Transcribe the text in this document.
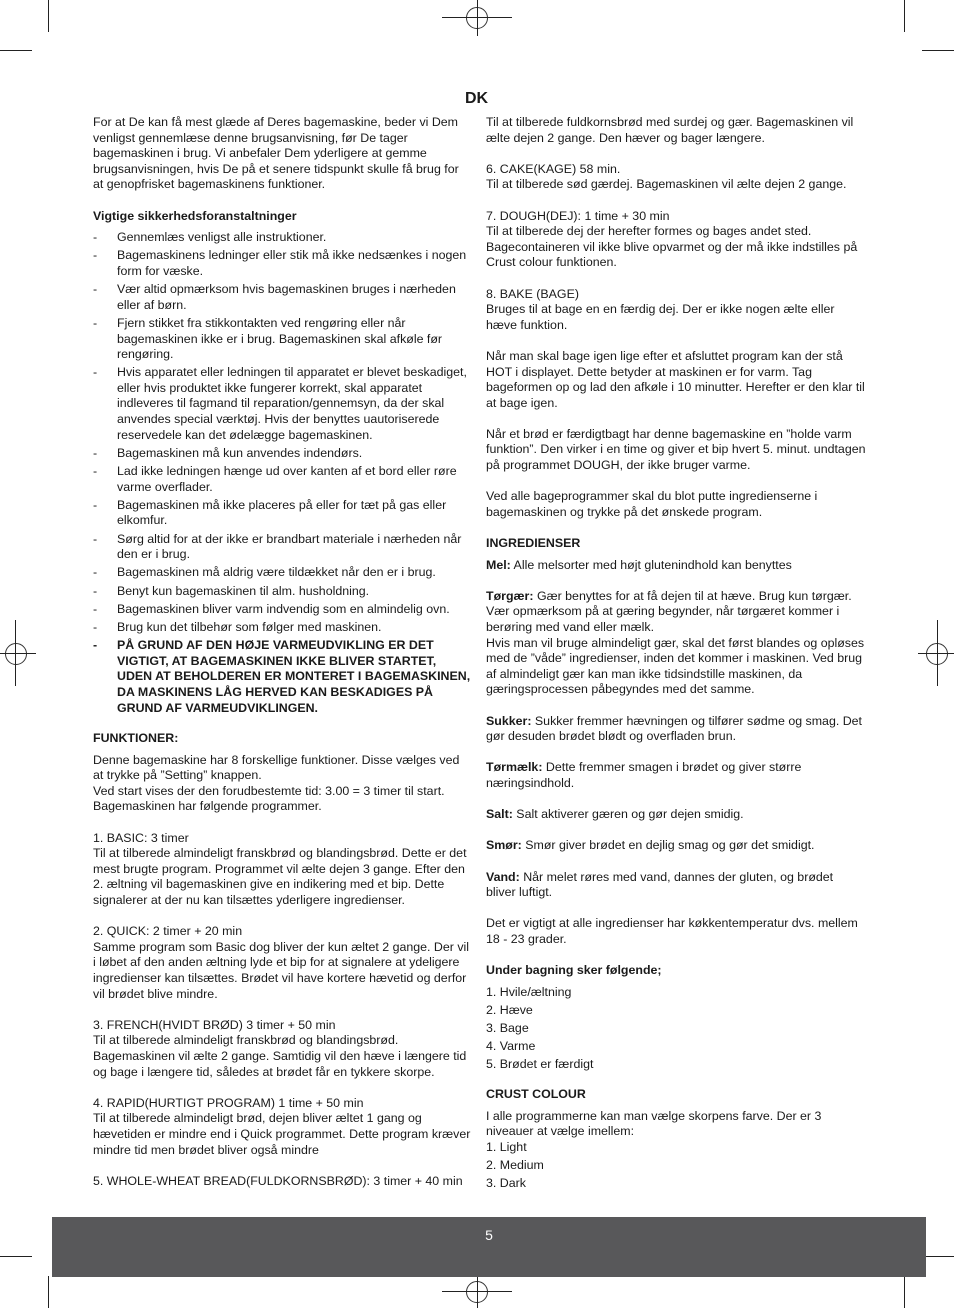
DK

For at De kan få mest glæde af Deres bagemaskine, beder vi Dem venligst gennemlæse denne brugsanvisning, før De tager bagemaskinen i brug. Vi anbefaler Dem yderligere at gemme brugsanvisningen, hvis De på et senere tidspunkt skulle få brug for at genopfrisket bagemaskinens funktioner.

Vigtige sikkerhedsforanstaltninger

- Gennemlæs venligst alle instruktioner.
- Bagemaskinens ledninger eller stik må ikke nedsænkes i nogen form for væske.
- Vær altid opmærksom hvis bagemaskinen bruges i nærheden eller af børn.
- Fjern stikket fra stikkontakten ved rengøring eller når bagemaskinen ikke er i brug. Bagemaskinen skal afkøle før rengøring.
- Hvis apparatet eller ledningen til apparatet er blevet beskadiget, eller hvis produktet ikke fungerer korrekt, skal apparatet indleveres til fagmand til reparation/gennemsyn, da der skal anvendes special værktøj. Hvis der benyttes uautoriserede reservedele kan det ødelægge bagemaskinen.
- Bagemaskinen må kun anvendes indendørs.
- Lad ikke ledningen hænge ud over kanten af et bord eller røre varme overflader.
- Bagemaskinen må ikke placeres på eller for tæt på gas eller elkomfur.
- Sørg altid for at der ikke er brandbart materiale i nærheden når den er i brug.
- Bagemaskinen må aldrig være tildækket når den er i brug.
- Benyt kun bagemaskinen til alm. husholdning.
- Bagemaskinen bliver varm indvendig som en almindelig ovn.
- Brug kun det tilbehør som følger med maskinen.
- PÅ GRUND AF DEN HØJE VARMEUDVIKLING ER DET VIGTIGT, AT BAGEMASKINEN IKKE BLIVER STARTET, UDEN AT BEHOLDEREN ER MONTERET I BAGEMASKINEN, DA MASKINENS LÅG HERVED KAN BESKADIGES PÅ GRUND AF VARMEUDVIKLINGEN.

FUNKTIONER:

Denne bagemaskine har 8 forskellige funktioner. Disse vælges ved at trykke på ”Setting” knappen.
Ved start vises der den forudbestemte tid: 3.00 = 3 timer til start. Bagemaskinen har følgende programmer.

1. BASIC: 3 timer
Til at tilberede almindeligt franskbrød og blandingsbrød. Dette er det mest brugte program. Programmet vil ælte dejen 3 gange. Efter den 2. æltning vil bagemaskinen give en indikering med et bip. Dette signalerer at der nu kan tilsættes yderligere ingredienser.

2. QUICK: 2 timer + 20 min
Samme program som Basic dog bliver der kun æltet 2 gange. Der vil i løbet af den anden æltning lyde et bip for at signalere at ydeligere ingredienser kan tilsættes. Brødet vil have kortere hævetid og derfor vil brødet blive mindre.

3. FRENCH(HVIDT BRØD) 3 timer + 50 min
Til at tilberede almindeligt franskbrød og blandingsbrød. Bagemaskinen vil ælte 2 gange. Samtidig vil den hæve i længere tid og bage i længere tid, således at brødet får en tykkere skorpe.

4. RAPID(HURTIGT PROGRAM) 1 time + 50 min
Til at tilberede almindeligt brød, dejen bliver æltet 1 gang og hævetiden er mindre end i Quick programmet. Dette program kræver mindre tid men brødet bliver også mindre

5. WHOLE-WHEAT BREAD(FULDKORNSBRØD): 3 timer + 40 min

Til at tilberede fuldkornsbrød med surdej og gær. Bagemaskinen vil ælte dejen 2 gange. Den hæver og bager længere.

6. CAKE(KAGE) 58 min.
Til at tilberede sød gærdej. Bagemaskinen vil ælte dejen 2 gange.

7. DOUGH(DEJ): 1 time + 30 min
Til at tilberede dej der herefter formes og bages andet sted. Bagecontaineren vil ikke blive opvarmet og der må ikke indstilles på Crust colour funktionen.

8. BAKE (BAGE)
Bruges til at bage en en færdig dej. Der er ikke nogen ælte eller hæve funktion.

Når man skal bage igen lige efter et afsluttet program kan der stå HOT i displayet. Dette betyder at maskinen er for varm. Tag bageformen op og lad den afkøle i 10 minutter. Herefter er den klar til at bage igen.

Når et brød er færdigtbagt har denne bagemaskine en ”holde varm funktion”. Den virker i en time og giver et bip hvert 5. minut. undtagen på programmet DOUGH, der ikke bruger varme.

Ved alle bageprogrammer skal du blot putte ingredienserne i bagemaskinen og trykke på det ønskede program.

INGREDIENSER

Mel: Alle melsorter med højt glutenindhold kan benyttes

Tørgær: Gær benyttes for at få dejen til at hæve. Brug kun tørgær. Vær opmærksom på at gæring begynder, når tørgæret kommer i berøring med vand eller mælk.
Hvis man vil bruge almindeligt gær, skal det først blandes og opløses med de ”våde” ingredienser, inden det kommer i maskinen. Ved brug af almindeligt gær kan man ikke tidsindstille maskinen, da gæringsprocessen påbegyndes med det samme.

Sukker: Sukker fremmer hævningen og tilfører sødme og smag. Det gør desuden brødet blødt og overfladen brun.

Tørmælk: Dette fremmer smagen i brødet og giver større næringsindhold.

Salt: Salt aktiverer gæren og gør dejen smidig.

Smør: Smør giver brødet en dejlig smag og gør det smidigt.

Vand: Når melet røres med vand, dannes der gluten, og brødet bliver luftigt.

Det er vigtigt at alle ingredienser har køkkentemperatur dvs. mellem 18 - 23 grader.

Under bagning sker følgende;

1. Hvile/æltning
2. Hæve
3. Bage
4. Varme
5. Brødet er færdigt

CRUST COLOUR

I alle programmerne kan man vælge skorpens farve. Der er 3 niveauer at vælge imellem:

1. Light
2. Medium
3. Dark
5
